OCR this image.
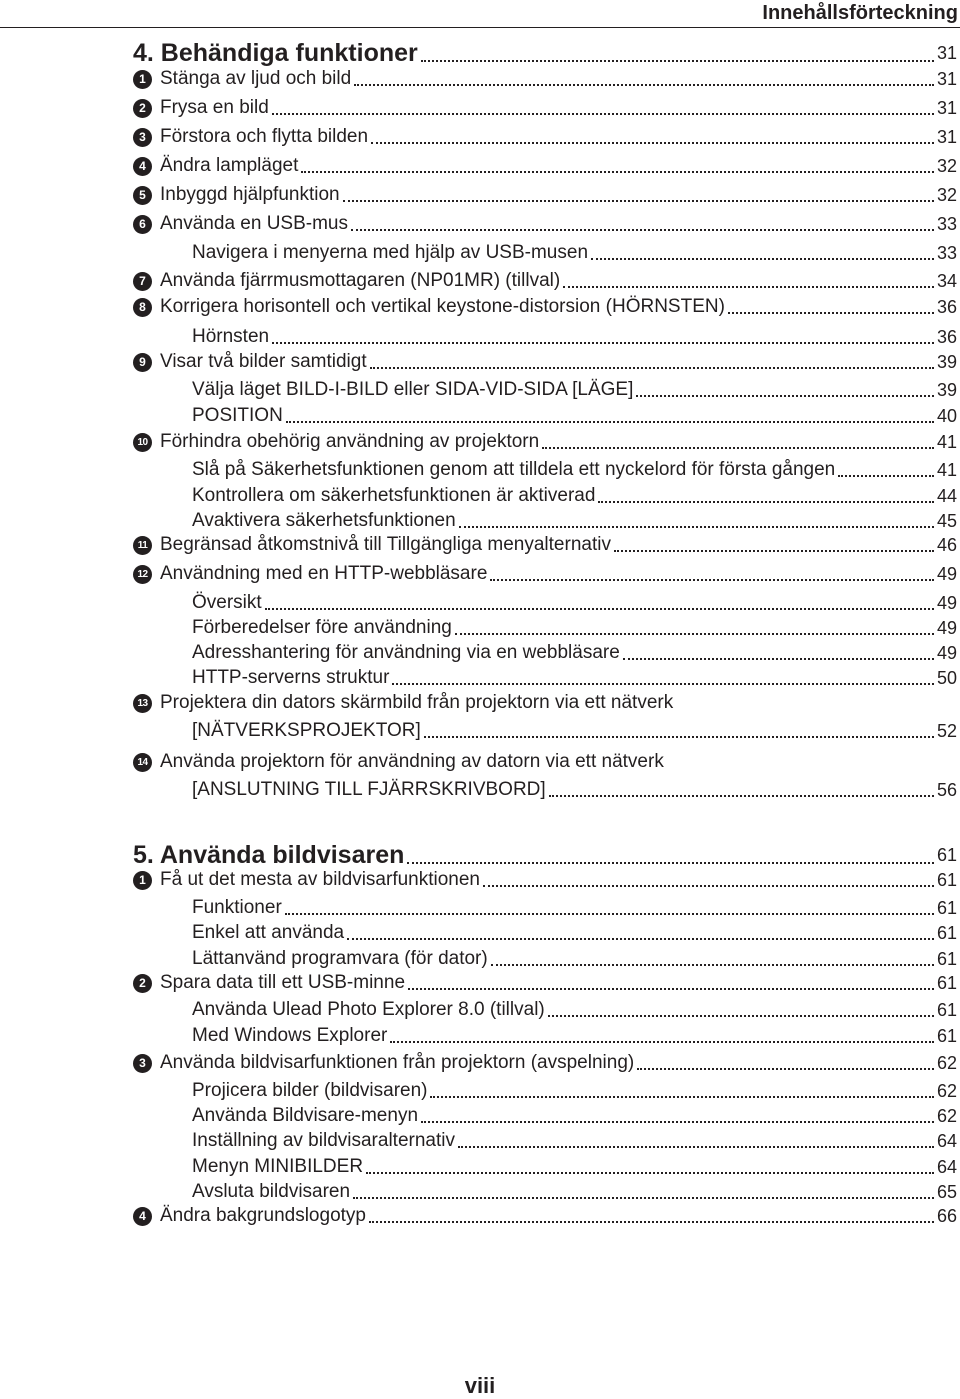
Innehållsförteckning
4. Behändiga funktioner	31
1 Stänga av ljud och bild	31
2 Frysa en bild	31
3 Förstora och flytta bilden	31
4 Ändra lampläget	32
5 Inbyggd hjälpfunktion	32
6 Använda en USB-mus	33
Navigera i menyerna med hjälp av USB-musen	33
7 Använda fjärrmusmottagaren (NP01MR) (tillval)	34
8 Korrigera horisontell och vertikal keystone-distorsion (HÖRNSTEN)	36
Hörnsten	36
9 Visar två bilder samtidigt	39
Välja läget BILD-I-BILD eller SIDA-VID-SIDA [LÄGE]	39
POSITION	40
10 Förhindra obehörig användning av projektorn	41
Slå på Säkerhetsfunktionen genom att tilldela ett nyckelord för första gången	41
Kontrollera om säkerhetsfunktionen är aktiverad	44
Avaktivera säkerhetsfunktionen	45
11 Begränsad åtkomstnivå till Tillgängliga menyalternativ	46
12 Användning med en HTTP-webbläsare	49
Översikt	49
Förberedelser före användning	49
Adresshantering för användning via en webbläsare	49
HTTP-serverns struktur	50
13 Projektera din dators skärmbild från projektorn via ett nätverk
[NÄTVERKSPROJEKTOR]	52
14 Använda projektorn för användning av datorn via ett nätverk
[ANSLUTNING TILL FJÄRRSKRIVBORD]	56
5. Använda bildvisaren	61
1 Få ut det mesta av bildvisarfunktionen	61
Funktioner	61
Enkel att använda	61
Lättanvänd programvara (för dator)	61
2 Spara data till ett USB-minne	61
Använda Ulead Photo Explorer 8.0 (tillval)	61
Med Windows Explorer	61
3 Använda bildvisarfunktionen från projektorn (avspelning)	62
Projicera bilder (bildvisaren)	62
Använda Bildvisare-menyn	62
Inställning av bildvisaralternativ	64
Menyn MINIBILDER	64
Avsluta bildvisaren	65
4 Ändra bakgrundslogotyp	66
viii
